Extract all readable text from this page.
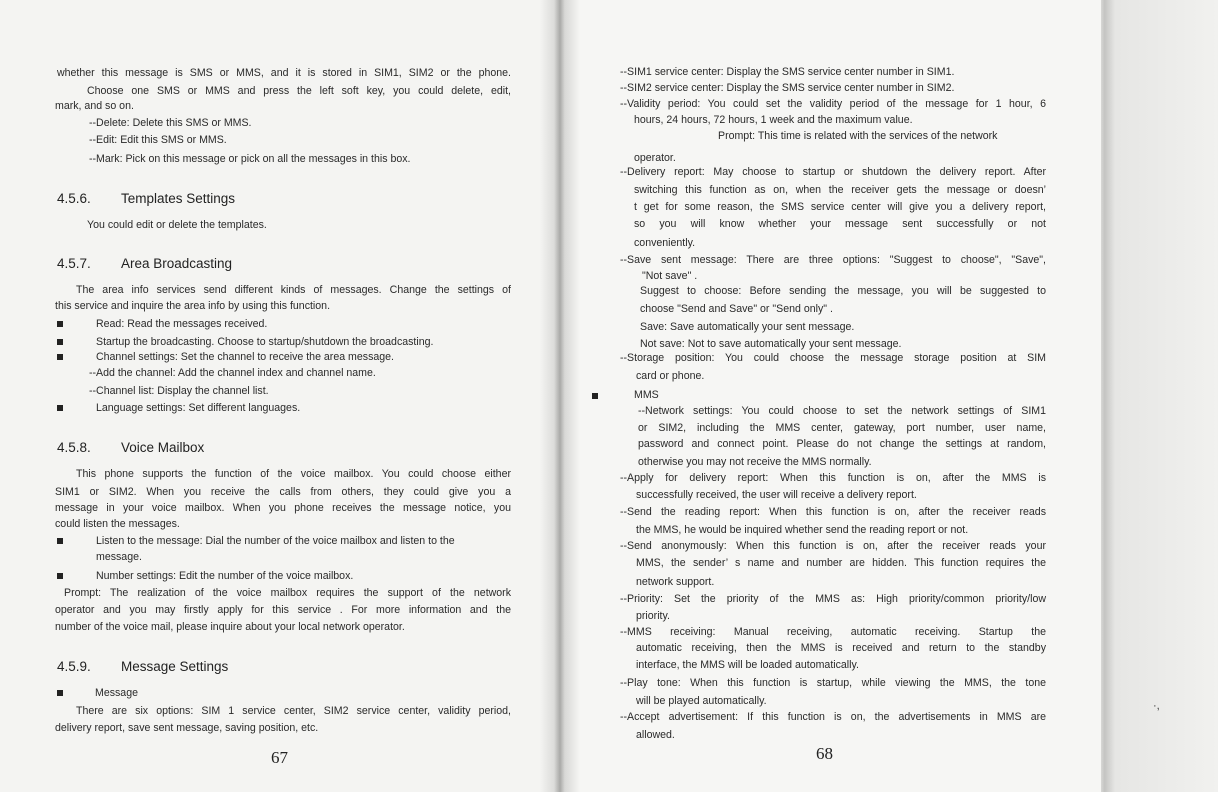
whether this message is SMS or MMS, and it is stored in SIM1, SIM2 or the phone.
Choose one SMS or MMS and press the left soft key, you could delete, edit,
mark, and so on.
--Delete: Delete this SMS or MMS.
--Edit: Edit this SMS or MMS.
--Mark: Pick on this message or pick on all the messages in this box.
4.5.6. Templates Settings
You could edit or delete the templates.
4.5.7. Area Broadcasting
The area info services send different kinds of messages. Change the settings of
this service and inquire the area info by using this function.
Read: Read the messages received.
Startup the broadcasting. Choose to startup/shutdown the broadcasting.
Channel settings: Set the channel to receive the area message.
--Add the channel: Add the channel index and channel name.
--Channel list: Display the channel list.
Language settings: Set different languages.
4.5.8. Voice Mailbox
This phone supports the function of the voice mailbox. You could choose either
SIM1 or SIM2. When you receive the calls from others, they could give you a
message in your voice mailbox. When you phone receives the message notice, you
could listen the messages.
Listen to the message: Dial the number of the voice mailbox and listen to the
message.
Number settings: Edit the number of the voice mailbox.
Prompt: The realization of the voice mailbox requires the support of the network
operator and you may firstly apply for this service . For more information and the
number of the voice mail, please inquire about your local network operator.
4.5.9. Message Settings
Message
There are six options: SIM 1 service center, SIM2 service center, validity period,
delivery report, save sent message, saving position, etc.
67
--SIM1 service center: Display the SMS service center number in SIM1.
--SIM2 service center: Display the SMS service center number in SIM2.
--Validity period: You could set the validity period of the message for 1 hour, 6
hours, 24 hours, 72 hours, 1 week and the maximum value.
Prompt: This time is related with the services of the network
operator.
--Delivery report: May choose to startup or shutdown the delivery report. After
switching this function as on, when the receiver gets the message or doesn’
t get for some reason, the SMS service center will give you a delivery report,
so you will know whether your message sent successfully or not
conveniently.
--Save sent message: There are three options: "Suggest to choose", "Save",
"Not save" .
Suggest to choose: Before sending the message, you will be suggested to
choose "Send and Save" or "Send only" .
Save: Save automatically your sent message.
Not save: Not to save automatically your sent message.
--Storage position: You could choose the message storage position at SIM
card or phone.
MMS
--Network settings: You could choose to set the network settings of SIM1
or SIM2, including the MMS center, gateway, port number, user name,
password and connect point. Please do not change the settings at random,
otherwise you may not receive the MMS normally.
--Apply for delivery report: When this function is on, after the MMS is
successfully received, the user will receive a delivery report.
--Send the reading report: When this function is on, after the receiver reads
the MMS, he would be inquired whether send the reading report or not.
--Send anonymously: When this function is on, after the receiver reads your
MMS, the sender’ s name and number are hidden. This function requires the
network support.
--Priority: Set the priority of the MMS as: High priority/common priority/low
priority.
--MMS receiving: Manual receiving, automatic receiving. Startup the
automatic receiving, then the MMS is received and return to the standby
interface, the MMS will be loaded automatically.
--Play tone: When this function is startup, while viewing the MMS, the tone
will be played automatically.
--Accept advertisement: If this function is on, the advertisements in MMS are
allowed.
68
·,
